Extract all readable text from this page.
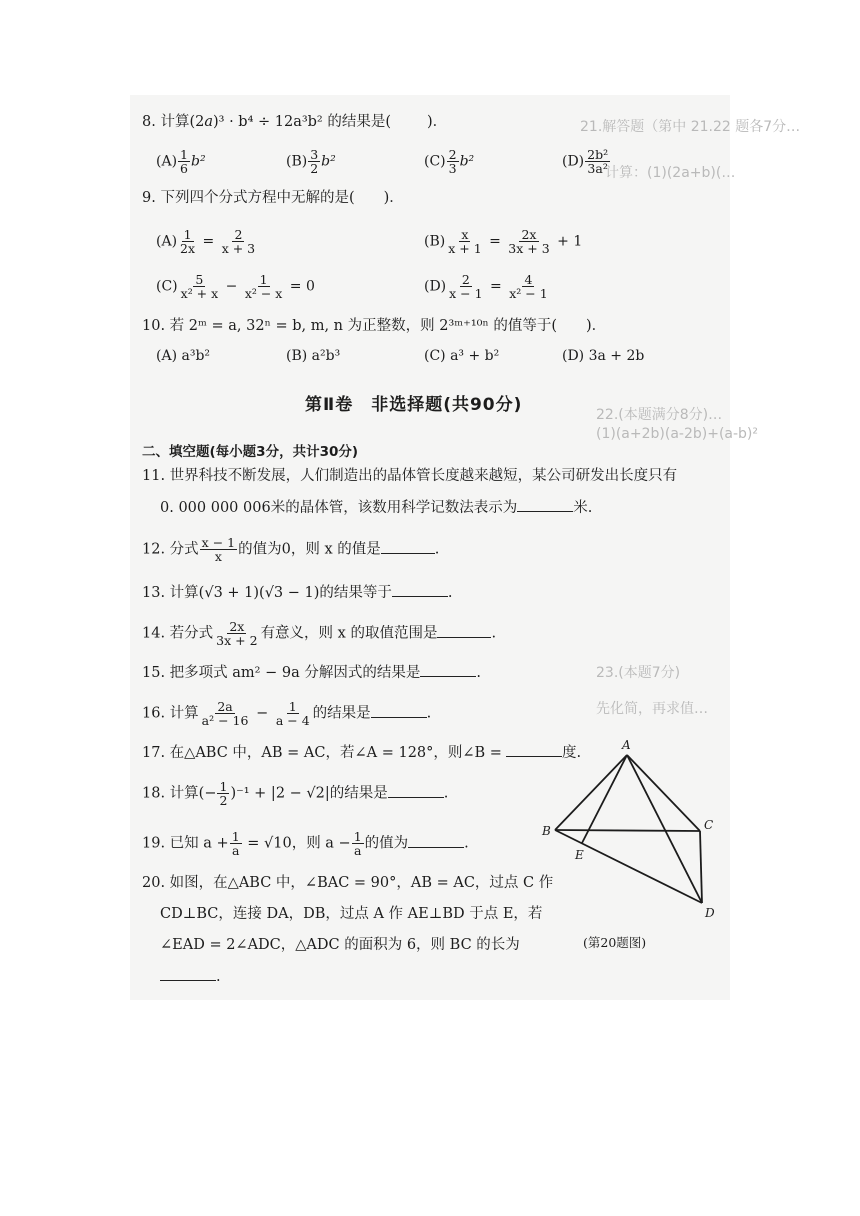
21.解答题（第中 21.22 题各7分…
计算：(1)(2a+b)(…
22.(本题满分8分)…
(1)(a+2b)(a-2b)+(a-b)²
23.(本题7分)
先化简，再求值…
8. 计算(2a)³ · b⁴ ÷ 12a³b² 的结果是( )．
$(A) \frac{1}{6} b^2$	$(B) \frac{3}{2} b^2$	$(C) \frac{2}{3} b^2$	$(D) \frac{\text{2b²}}{\text{3a²}}$
9. 下列四个分式方程中无解的是(　　)．
$(A) \frac{1}{2x} = \frac{2}{x + 3}$	$(B) \frac{x}{x + 1} = \frac{2x}{3x + 3} + 1$
$(C) \frac{5}{\text{x² + x}} - \frac{1}{\text{x² − x}} = 0$	$(D) \frac{2}{x - 1} = \frac{4}{\text{x² − 1}}$
10. 若 2ᵐ = a, 32ⁿ = b, m, n 为正整数，则 2³ᵐ⁺¹⁰ⁿ 的值等于(　　)．
(A) a³b²	(B) a²b³	(C) a³ + b²	(D) 3a + 2b
第Ⅱ卷　非选择题(共90分)
二、填空题(每小题3分，共计30分)
11. 世界科技不断发展，人们制造出的晶体管长度越来越短，某公司研发出长度只有
0. 000 000 006米的晶体管，该数用科学记数法表示为	米.
12. 分式 $\frac{x - 1}{x}$ 的值为0，则 x 的值是	.
13. 计算(√3 + 1)(√3 − 1)的结果等于	.
14. 若分式 $\frac{2x}{3x + 2}$ 有意义，则 x 的取值范围是	.
15. 把多项式 am² − 9a 分解因式的结果是	.
16. 计算 $\frac{2a}{\text{a² − 16}} - \frac{1}{a - 4}$ 的结果是	.
17. 在△ABC 中，AB = AC，若∠A = 128°，则∠B =	度.
18. 计算(− $\frac{1}{2} )^{-1} + |2 - √2|$的结果是	.
19. 已知 $a + \frac{1}{a} = √10$，则 $a - \frac{1}{a}$ 的值为	.
20. 如图，在△ABC 中，∠BAC = 90°，AB = AC，过点 C 作
CD⊥BC，连接 DA，DB，过点 A 作 AE⊥BD 于点 E，若
∠EAD = 2∠ADC，△ADC 的面积为 6，则 BC 的长为
.
A
B	C
D
E
(第20题图)
